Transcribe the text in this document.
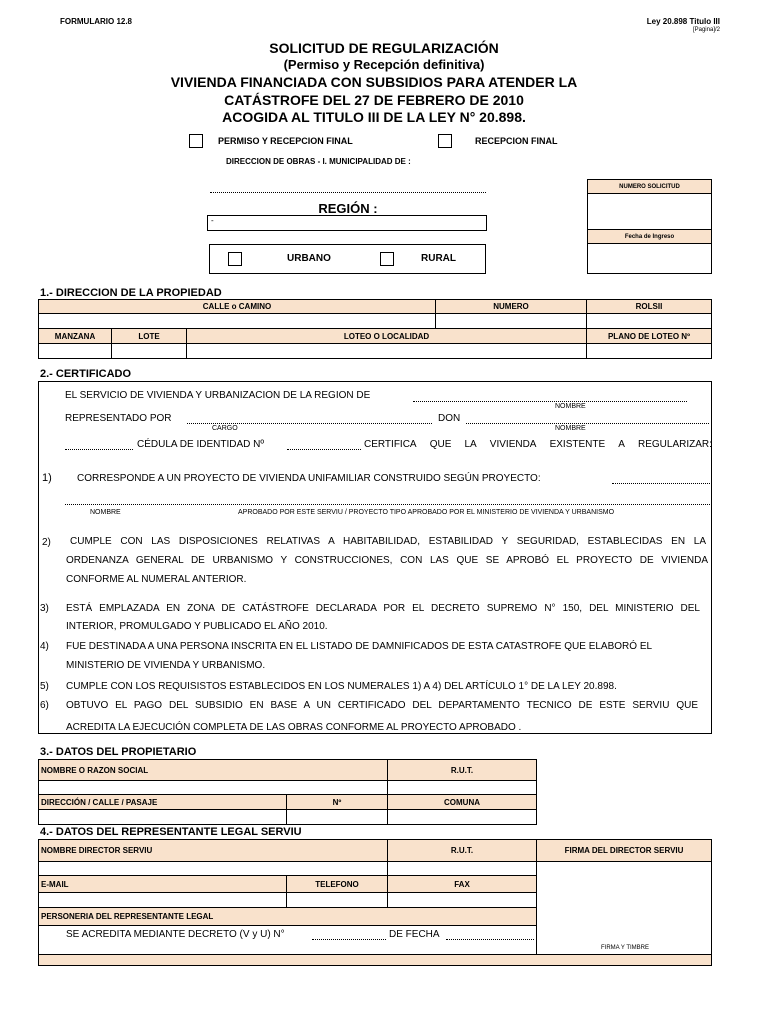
FORMULARIO 12.8	Ley 20.898 Titulo III
[Pagina]/2
SOLICITUD DE REGULARIZACIÓN
(Permiso y Recepción definitiva)
VIVIENDA FINANCIADA CON SUBSIDIOS PARA ATENDER LA
CATÁSTROFE DEL 27 DE FEBRERO DE 2010
ACOGIDA AL TITULO III DE LA LEY N° 20.898.
PERMISO Y RECEPCION FINAL	RECEPCION FINAL
DIRECCION DE OBRAS - I. MUNICIPALIDAD DE :
REGIÓN :
-
URBANO	RURAL
NUMERO SOLICITUD
Fecha de Ingreso
1.- DIRECCION DE LA PROPIEDAD
CALLE o CAMINO	NUMERO	ROLSII
MANZANA	LOTE	LOTEO O LOCALIDAD	PLANO DE LOTEO Nº
2.- CERTIFICADO
EL SERVICIO DE VIVIENDA Y URBANIZACION DE LA REGION DE
NOMBRE
REPRESENTADO POR
CARGO
DON
NOMBRE
CÉDULA DE IDENTIDAD Nº	CERTIFICA QUE LA VIVIENDA EXISTENTE A REGULARIZAR:
1)	CORRESPONDE A UN PROYECTO DE VIVIENDA UNIFAMILIAR CONSTRUIDO SEGÚN PROYECTO:
NOMBRE	APROBADO POR ESTE SERVIU / PROYECTO TIPO APROBADO POR EL MINISTERIO DE VIVIENDA Y URBANISMO
2) CUMPLE CON LAS DISPOSICIONES RELATIVAS A HABITABILIDAD, ESTABILIDAD Y SEGURIDAD, ESTABLECIDAS EN LA
ORDENANZA GENERAL DE URBANISMO Y CONSTRUCCIONES, CON LAS QUE SE APROBÓ EL PROYECTO DE VIVIENDA
CONFORME AL NUMERAL ANTERIOR.
3) ESTÁ EMPLAZADA EN ZONA DE CATÁSTROFE DECLARADA POR EL DECRETO SUPREMO N° 150, DEL MINISTERIO DEL
INTERIOR, PROMULGADO Y PUBLICADO EL AÑO 2010.
4) FUE DESTINADA A UNA PERSONA INSCRITA EN EL LISTADO DE DAMNIFICADOS DE ESTA CATASTROFE QUE ELABORÓ EL
MINISTERIO DE VIVIENDA Y URBANISMO.
5) CUMPLE CON LOS REQUISISTOS ESTABLECIDOS EN LOS NUMERALES 1) A 4) DEL ARTÍCULO 1° DE LA LEY 20.898.
6) OBTUVO EL PAGO DEL SUBSIDIO EN BASE A UN CERTIFICADO DEL DEPARTAMENTO TECNICO DE ESTE SERVIU QUE
ACREDITA LA EJECUCIÓN COMPLETA DE LAS OBRAS CONFORME AL PROYECTO APROBADO .
3.- DATOS DEL PROPIETARIO
NOMBRE O RAZON SOCIAL	R.U.T.
DIRECCIÓN / CALLE / PASAJE	Nº	COMUNA
4.- DATOS DEL REPRESENTANTE LEGAL SERVIU
NOMBRE DIRECTOR SERVIU	R.U.T.	FIRMA DEL DIRECTOR SERVIU
FIRMA Y TIMBRE
E-MAIL	TELEFONO	FAX
PERSONERIA DEL REPRESENTANTE LEGAL
SE ACREDITA MEDIANTE DECRETO (V y U) N°	DE FECHA
